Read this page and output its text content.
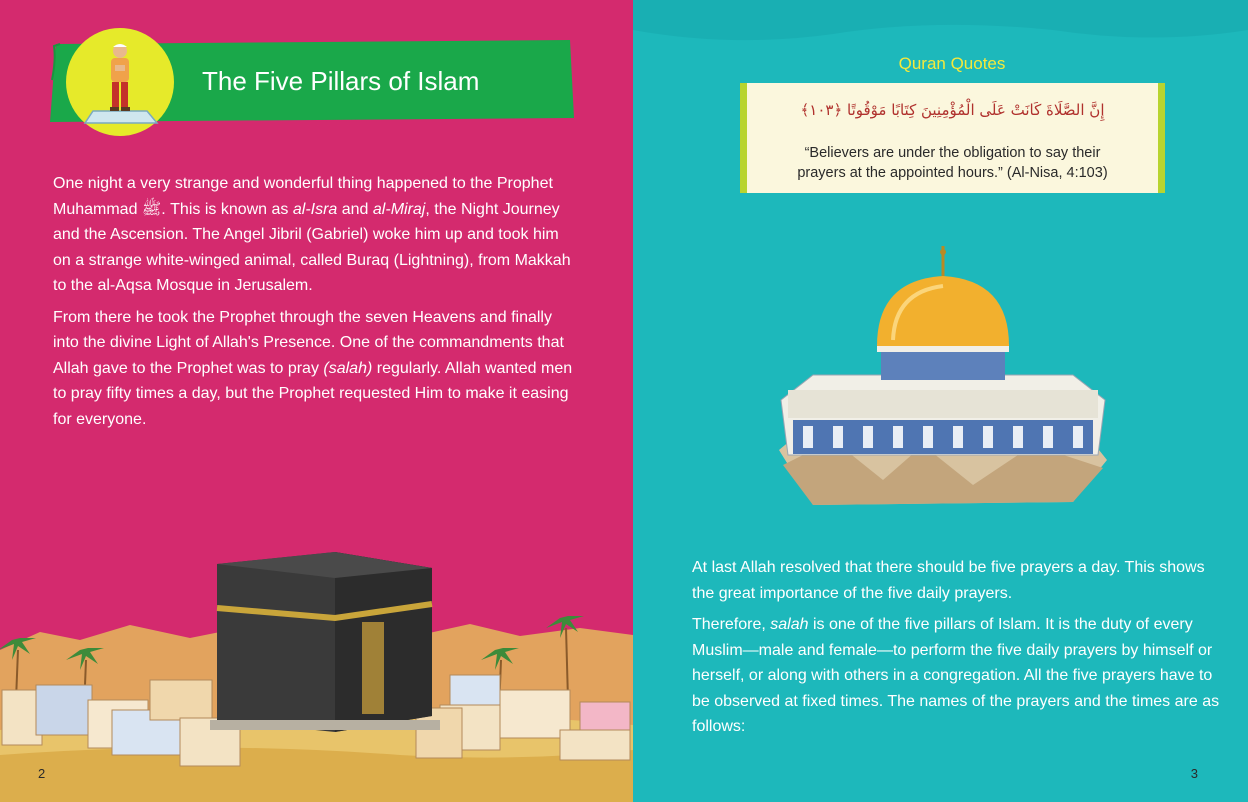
The Five Pillars of Islam

One night a very strange and wonderful thing happened to the Prophet Muhammad ﷺ. This is known as al-Isra and al-Miraj, the Night Journey and the Ascension. The Angel Jibril (Gabriel) woke him up and took him on a strange white-winged animal, called Buraq (Lightning), from Makkah to the al-Aqsa Mosque in Jerusalem.

From there he took the Prophet through the seven Heavens and finally into the divine Light of Allah's Presence. One of the commandments that Allah gave to the Prophet was to pray (salah) regularly. Allah wanted men to pray fifty times a day, but the Prophet requested Him to make it easing for everyone.

2
Quran Quotes
إِنَّ الصَّلَاةَ كَانَتْ عَلَى الْمُؤْمِنِينَ كِتَابًا مَوْقُوتًا ﴿١٠٣﴾
“Believers are under the obligation to say their
prayers at the appointed hours.” (Al-Nisa, 4:103)

At last Allah resolved that there should be five prayers a day. This shows the great importance of the five daily prayers.

Therefore, salah is one of the five pillars of Islam. It is the duty of every Muslim—male and female—to perform the five daily prayers by himself or herself, or along with others in a congregation. All the five prayers have to be observed at fixed times. The names of the prayers and the times are as follows:

3
